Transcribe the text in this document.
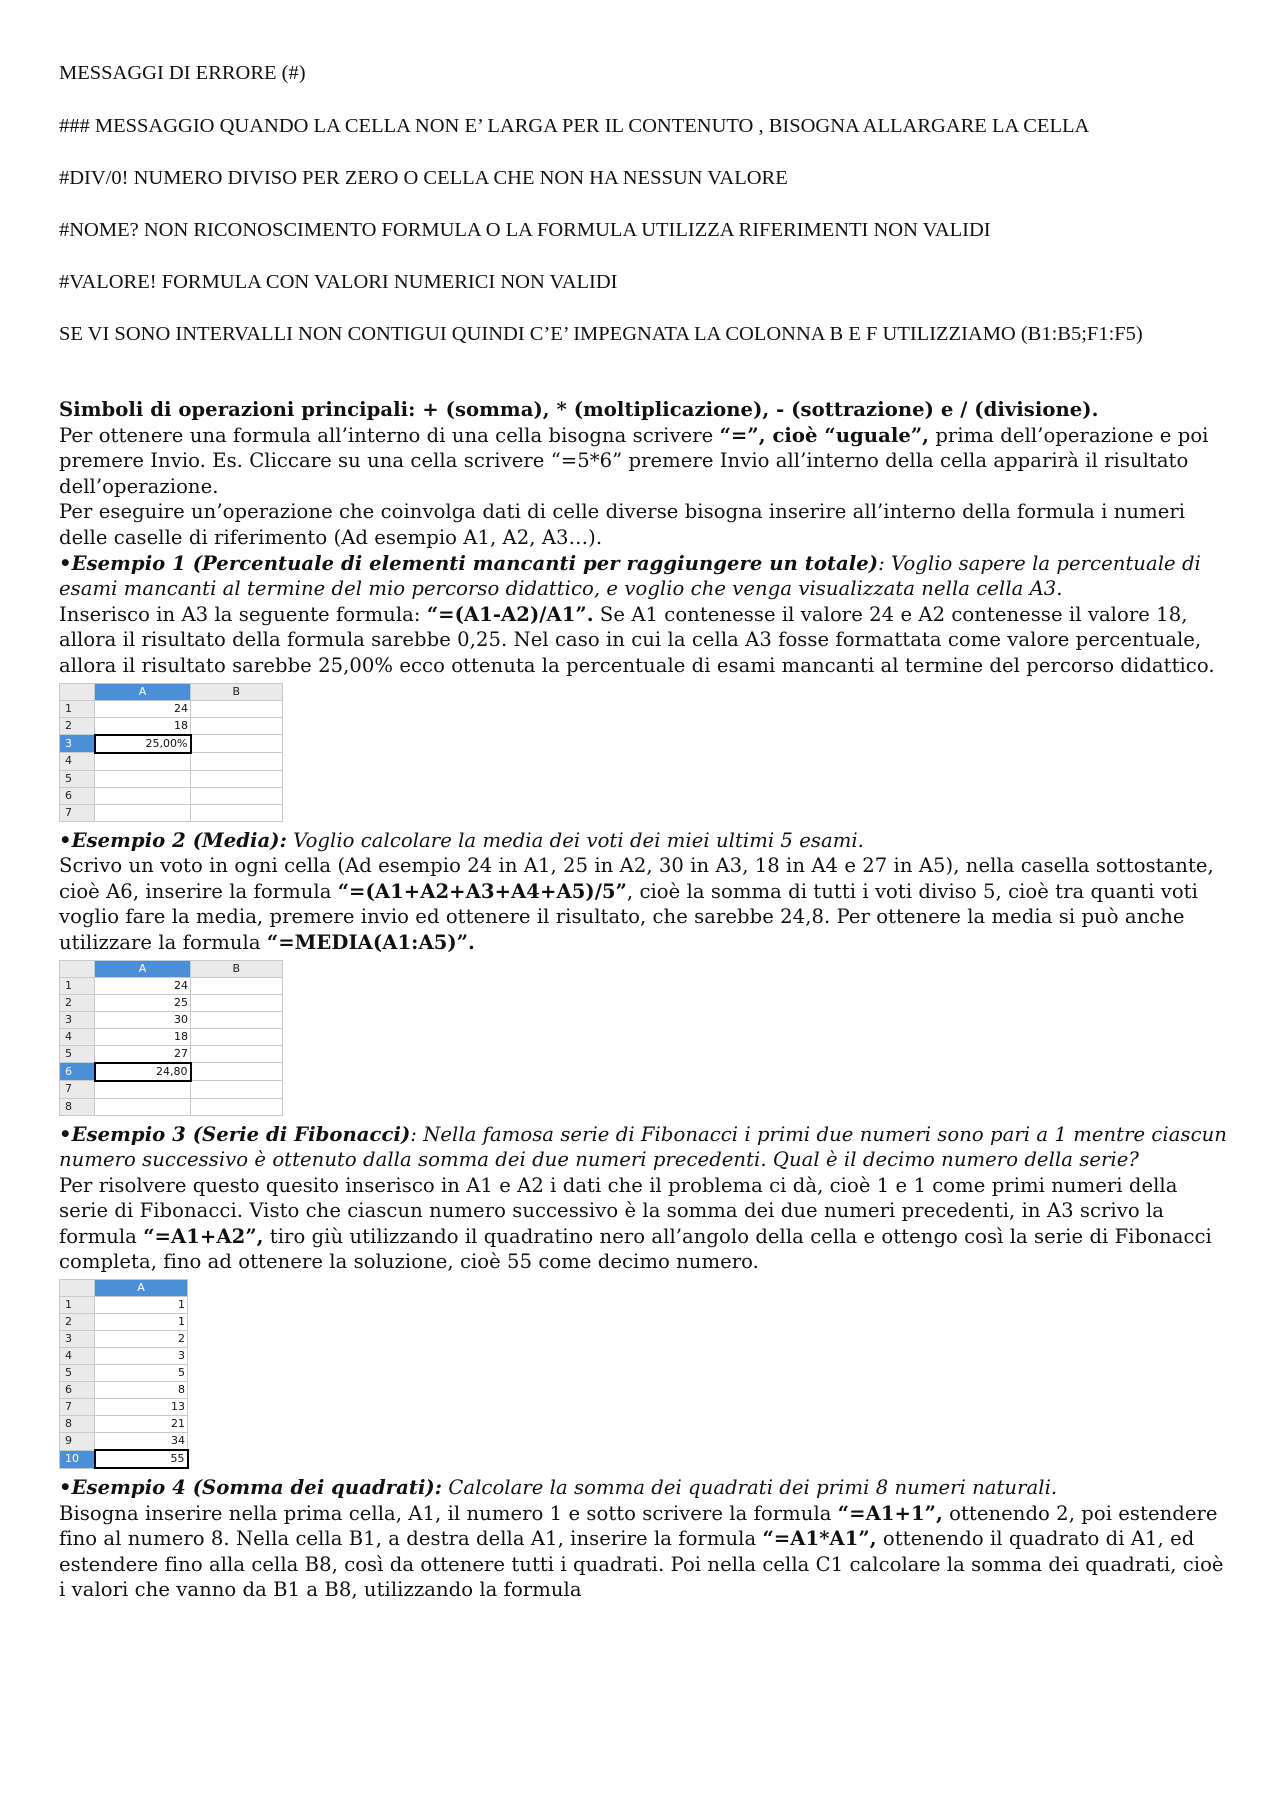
MESSAGGI DI ERRORE (#)

### MESSAGGIO QUANDO LA CELLA NON E’ LARGA PER IL CONTENUTO , BISOGNA ALLARGARE LA CELLA

#DIV/0! NUMERO DIVISO PER ZERO O CELLA CHE NON HA NESSUN VALORE

#NOME? NON RICONOSCIMENTO FORMULA O LA FORMULA UTILIZZA RIFERIMENTI NON VALIDI

#VALORE! FORMULA CON VALORI NUMERICI NON VALIDI

SE VI SONO INTERVALLI NON CONTIGUI QUINDI C’E’ IMPEGNATA LA COLONNA B E F UTILIZZIAMO (B1:B5;F1:F5)

Simboli di operazioni principali: + (somma), * (moltiplicazione), - (sottrazione) e / (divisione).

Per ottenere una formula all’interno di una cella bisogna scrivere “=”, cioè “uguale”, prima dell’operazione e poi premere Invio. Es. Cliccare su una cella scrivere “=5*6” premere Invio all’interno della cella apparirà il risultato dell’operazione.

Per eseguire un’operazione che coinvolga dati di celle diverse bisogna inserire all’interno della formula i numeri delle caselle di riferimento (Ad esempio A1, A2, A3…).

•Esempio 1 (Percentuale di elementi mancanti per raggiungere un totale): Voglio sapere la percentuale di esami mancanti al termine del mio percorso didattico, e voglio che venga visualizzata nella cella A3.

Inserisco in A3 la seguente formula: “=(A1-A2)/A1”. Se A1 contenesse il valore 24 e A2 contenesse il valore 18, allora il risultato della formula sarebbe 0,25. Nel caso in cui la cella A3 fosse formattata come valore percentuale, allora il risultato sarebbe 25,00% ecco ottenuta la percentuale di esami mancanti al termine del percorso didattico.

	A	B
1	24	
2	18	
3	25,00%	
4		
5		
6		
7		

•Esempio 2 (Media): Voglio calcolare la media dei voti dei miei ultimi 5 esami.

Scrivo un voto in ogni cella (Ad esempio 24 in A1, 25 in A2, 30 in A3, 18 in A4 e 27 in A5), nella casella sottostante, cioè A6, inserire la formula “=(A1+A2+A3+A4+A5)/5”, cioè la somma di tutti i voti diviso 5, cioè tra quanti voti voglio fare la media, premere invio ed ottenere il risultato, che sarebbe 24,8. Per ottenere la media si può anche utilizzare la formula “=MEDIA(A1:A5)”.

	A	B
1	24	
2	25	
3	30	
4	18	
5	27	
6	24,80	
7		
8		

•Esempio 3 (Serie di Fibonacci): Nella famosa serie di Fibonacci i primi due numeri sono pari a 1 mentre ciascun numero successivo è ottenuto dalla somma dei due numeri precedenti. Qual è il decimo numero della serie?

Per risolvere questo quesito inserisco in A1 e A2 i dati che il problema ci dà, cioè 1 e 1 come primi numeri della serie di Fibonacci. Visto che ciascun numero successivo è la somma dei due numeri precedenti, in A3 scrivo la formula “=A1+A2”, tiro giù utilizzando il quadratino nero all’angolo della cella e ottengo così la serie di Fibonacci completa, fino ad ottenere la soluzione, cioè 55 come decimo numero.

	A
1	1
2	1
3	2
4	3
5	5
6	8
7	13
8	21
9	34
10	55

•Esempio 4 (Somma dei quadrati): Calcolare la somma dei quadrati dei primi 8 numeri naturali.

Bisogna inserire nella prima cella, A1, il numero 1 e sotto scrivere la formula “=A1+1”, ottenendo 2, poi estendere fino al numero 8. Nella cella B1, a destra della A1, inserire la formula “=A1*A1”, ottenendo il quadrato di A1, ed estendere fino alla cella B8, così da ottenere tutti i quadrati. Poi nella cella C1 calcolare la somma dei quadrati, cioè i valori che vanno da B1 a B8, utilizzando la formula
